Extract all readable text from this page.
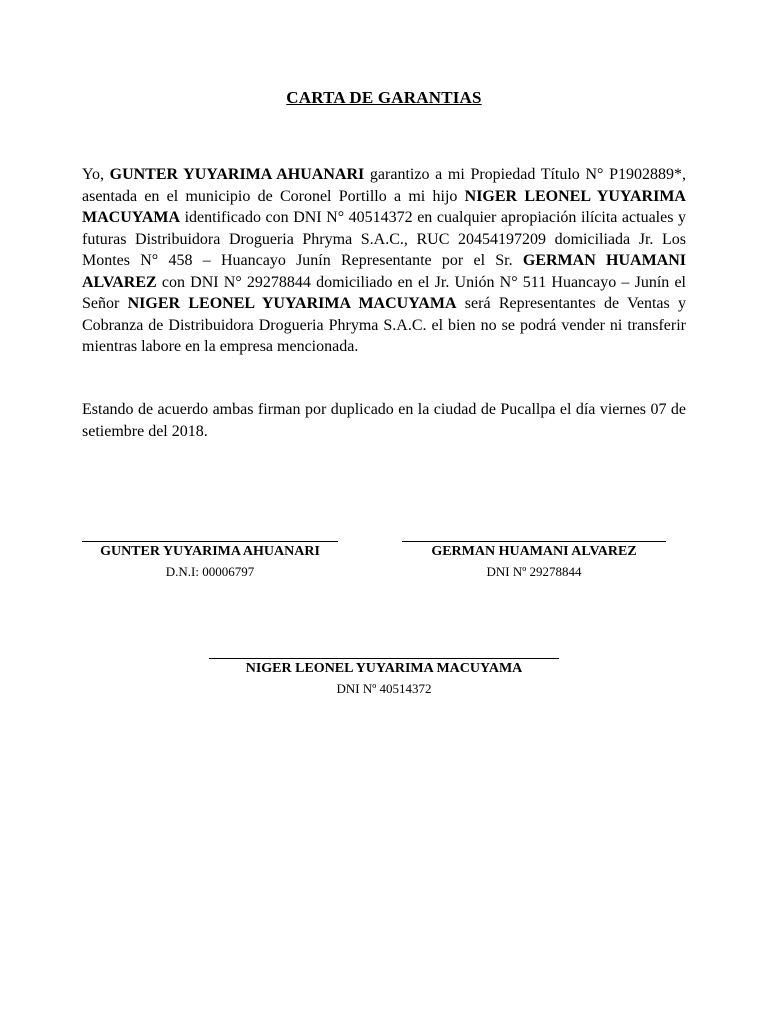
CARTA DE GARANTIAS
Yo, GUNTER YUYARIMA AHUANARI garantizo a mi Propiedad Título N° P1902889*, asentada en el municipio de Coronel Portillo a mi hijo NIGER LEONEL YUYARIMA MACUYAMA identificado con DNI N° 40514372 en cualquier apropiación ilícita actuales y futuras Distribuidora Drogueria Phryma S.A.C., RUC 20454197209 domiciliada Jr. Los Montes N° 458 – Huancayo Junín Representante por el Sr. GERMAN HUAMANI ALVAREZ con DNI N° 29278844 domiciliado en el Jr. Unión N° 511 Huancayo – Junín el Señor NIGER LEONEL YUYARIMA MACUYAMA será Representantes de Ventas y Cobranza de Distribuidora Drogueria Phryma S.A.C. el bien no se podrá vender ni transferir mientras labore en la empresa mencionada.
Estando de acuerdo ambas firman por duplicado en la ciudad de Pucallpa el día viernes 07 de setiembre del 2018.
GUNTER YUYARIMA AHUANARI
D.N.I: 00006797
GERMAN HUAMANI ALVAREZ
DNI Nº 29278844
NIGER LEONEL YUYARIMA MACUYAMA
DNI Nº 40514372
